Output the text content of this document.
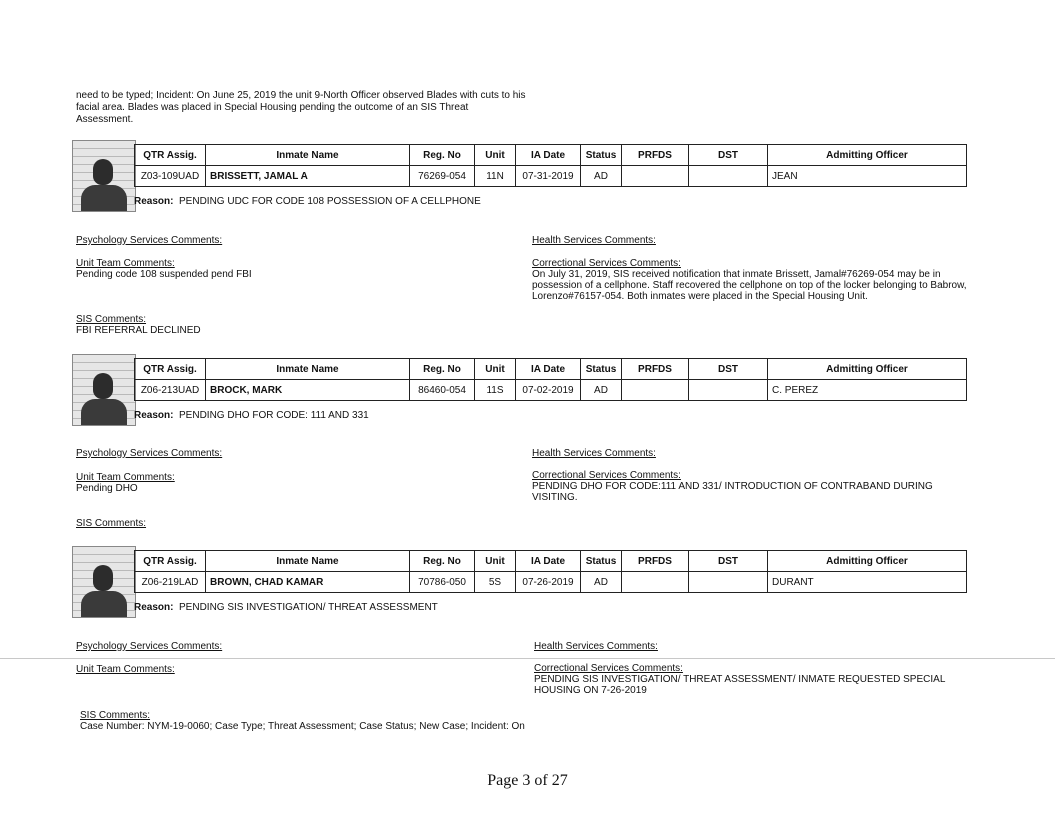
need to be typed; Incident: On June 25, 2019 the unit 9-North Officer observed Blades with cuts to his
facial area. Blades was placed in Special Housing pending the outcome of an SIS Threat
Assessment.
QTR Assig.	Inmate Name	Reg. No	Unit	IA Date	Status	PRFDS	DST	Admitting Officer
Z03-109UAD	BRISSETT, JAMAL A	76269-054	11N	07-31-2019	AD			JEAN
Reason: PENDING UDC FOR CODE 108 POSSESSION OF A CELLPHONE
Psychology Services Comments:	Health Services Comments:
Unit Team Comments:
Pending code 108 suspended pend FBI
Correctional Services Comments:
On July 31, 2019, SIS received notification that inmate Brissett, Jamal#76269-054 may be in
possession of a cellphone. Staff recovered the cellphone on top of the locker belonging to Babrow,
Lorenzo#76157-054. Both inmates were placed in the Special Housing Unit.
SIS Comments:
FBI REFERRAL DECLINED
QTR Assig.	Inmate Name	Reg. No	Unit	IA Date	Status	PRFDS	DST	Admitting Officer
Z06-213UAD	BROCK, MARK	86460-054	11S	07-02-2019	AD			C. PEREZ
Reason: PENDING DHO FOR CODE: 111 AND 331
Psychology Services Comments:	Health Services Comments:
Unit Team Comments:
Pending DHO
Correctional Services Comments:
PENDING DHO FOR CODE:111 AND 331/ INTRODUCTION OF CONTRABAND DURING
VISITING.
SIS Comments:
QTR Assig.	Inmate Name	Reg. No	Unit	IA Date	Status	PRFDS	DST	Admitting Officer
Z06-219LAD	BROWN, CHAD KAMAR	70786-050	5S	07-26-2019	AD			DURANT
Reason: PENDING SIS INVESTIGATION/ THREAT ASSESSMENT
Psychology Services Comments:	Health Services Comments:
Unit Team Comments:	Correctional Services Comments:
PENDING SIS INVESTIGATION/ THREAT ASSESSMENT/ INMATE REQUESTED SPECIAL
HOUSING ON 7-26-2019
SIS Comments:
Case Number: NYM-19-0060; Case Type; Threat Assessment; Case Status; New Case; Incident: On
Page 3 of 27
